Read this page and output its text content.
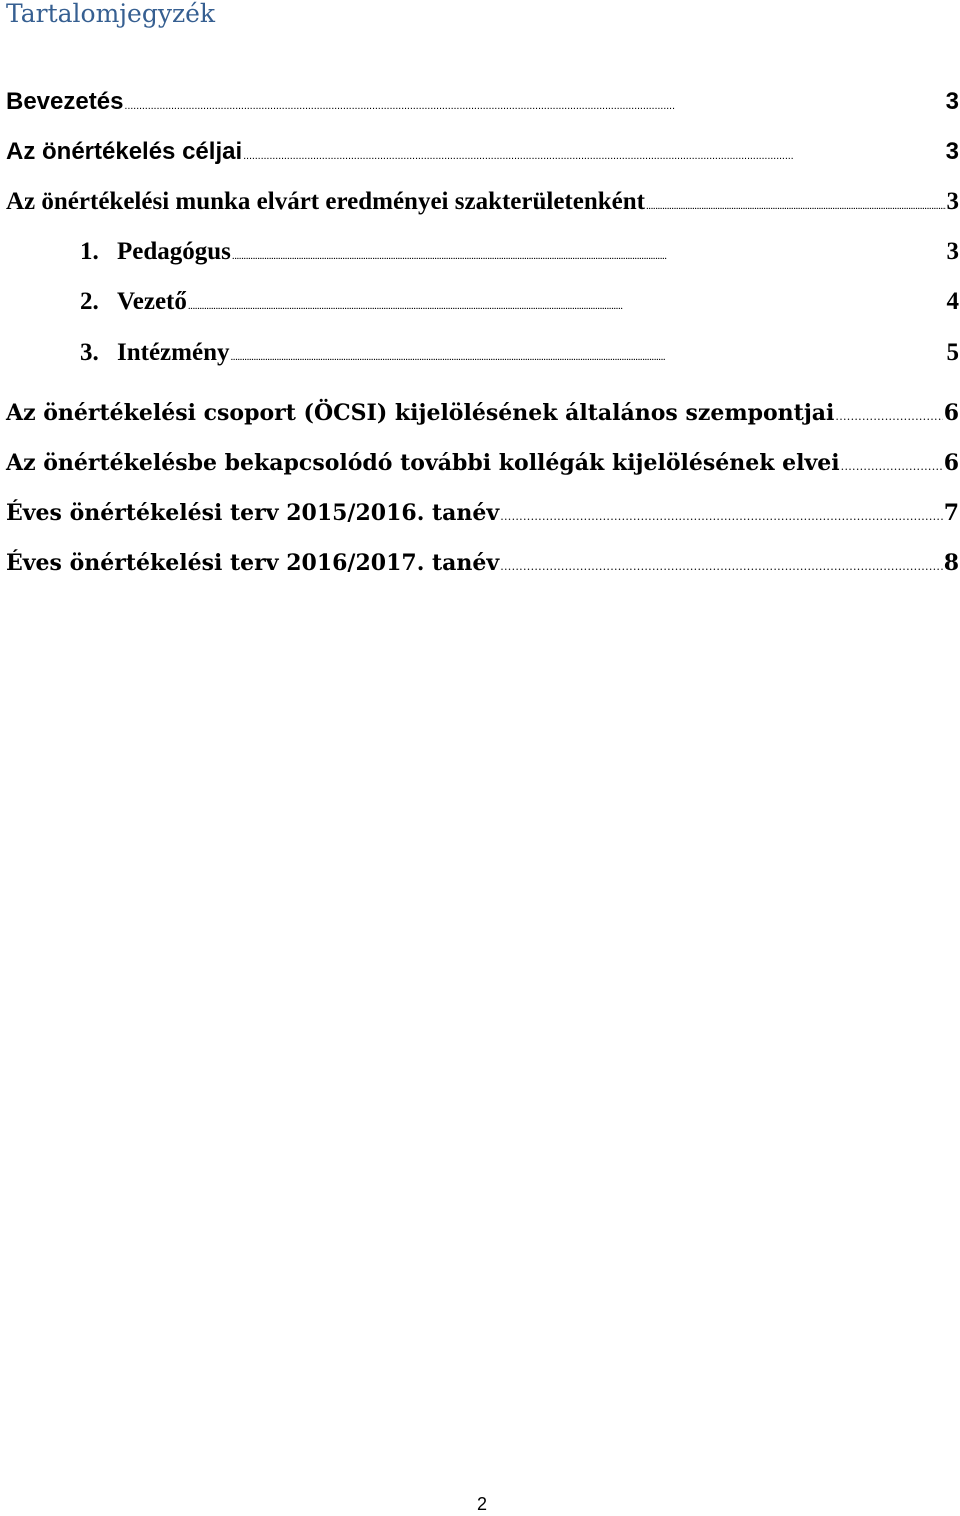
Tartalomjegyzék
Bevezetés . . .	3
Az önértékelés céljai . . .	3
Az önértékelési munka elvárt eredményei szakterületenként . . .	3
1. Pedagógus . . .	3
2. Vezető . . .	4
3. Intézmény . . .	5
Az önértékelési csoport (ÖCSI) kijelölésének általános szempontjai . . .	6
Az önértékelésbe bekapcsolódó további kollégák kijelölésének elvei . . .	6
Éves önértékelési terv 2015/2016. tanév . . .	7
Éves önértékelési terv 2016/2017. tanév . . .	8
2
